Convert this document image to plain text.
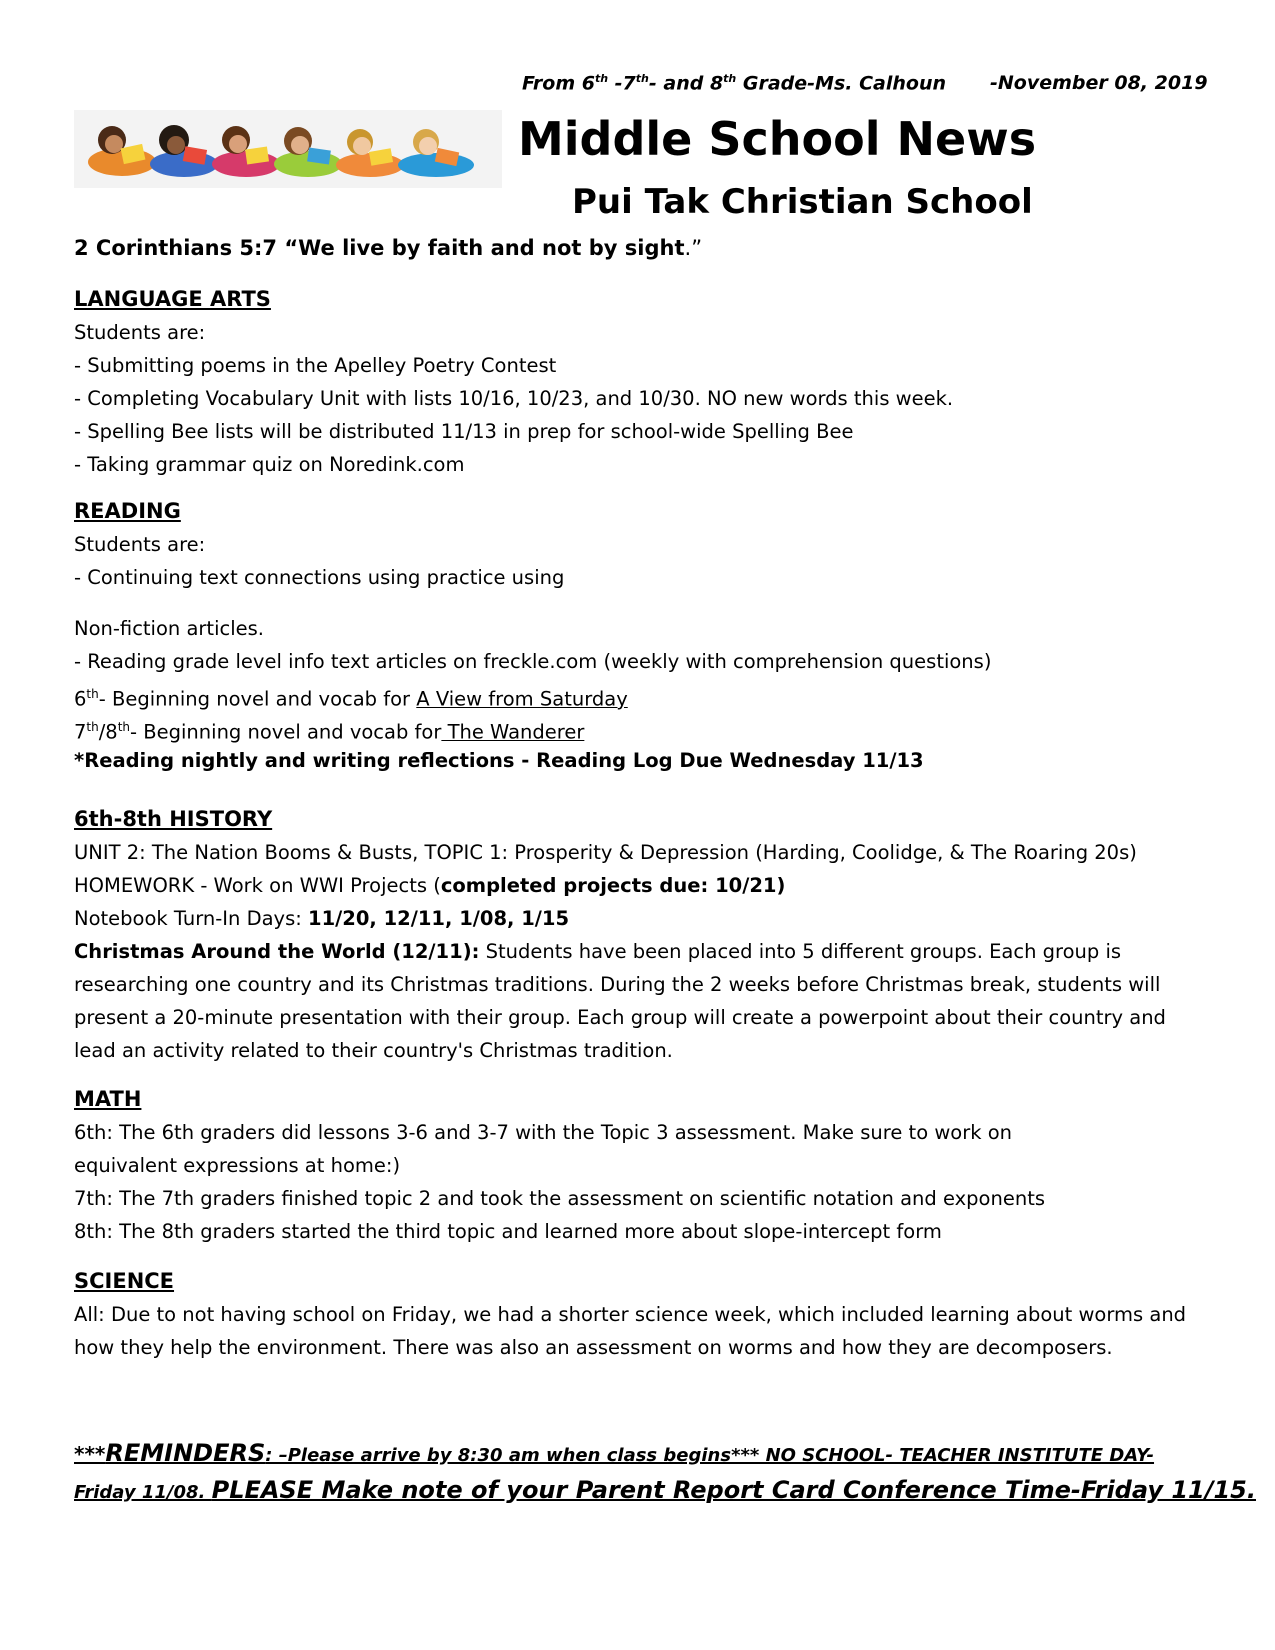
From 6th -7th- and 8th Grade-Ms. Calhoun -November 08, 2019
Middle School News
Pui Tak Christian School
2 Corinthians 5:7 “We live by faith and not by sight.”
LANGUAGE ARTS
Students are:
- Submitting poems in the Apelley Poetry Contest
- Completing Vocabulary Unit with lists 10/16, 10/23, and 10/30. NO new words this week.
- Spelling Bee lists will be distributed 11/13 in prep for school-wide Spelling Bee
- Taking grammar quiz on Noredink.com
READING
Students are:
- Continuing text connections using practice using
Non-fiction articles.
- Reading grade level info text articles on freckle.com (weekly with comprehension questions)
6th- Beginning novel and vocab for A View from Saturday
7th/8th- Beginning novel and vocab for The Wanderer
*Reading nightly and writing reflections - Reading Log Due Wednesday 11/13
6th-8th HISTORY
UNIT 2: The Nation Booms & Busts, TOPIC 1: Prosperity & Depression (Harding, Coolidge, & The Roaring 20s)
HOMEWORK - Work on WWI Projects (completed projects due: 10/21)
Notebook Turn-In Days: 11/20, 12/11, 1/08, 1/15
Christmas Around the World (12/11): Students have been placed into 5 different groups. Each group is
researching one country and its Christmas traditions. During the 2 weeks before Christmas break, students will
present a 20-minute presentation with their group. Each group will create a powerpoint about their country and
lead an activity related to their country's Christmas tradition.
MATH
6th: The 6th graders did lessons 3-6 and 3-7 with the Topic 3 assessment. Make sure to work on
equivalent expressions at home:)
7th: The 7th graders finished topic 2 and took the assessment on scientific notation and exponents
8th: The 8th graders started the third topic and learned more about slope-intercept form
SCIENCE
All: Due to not having school on Friday, we had a shorter science week, which included learning about worms and
how they help the environment. There was also an assessment on worms and how they are decomposers.
***REMINDERS: –Please arrive by 8:30 am when class begins*** NO SCHOOL- TEACHER INSTITUTE DAY-
Friday 11/08. PLEASE Make note of your Parent Report Card Conference Time-Friday 11/15.
